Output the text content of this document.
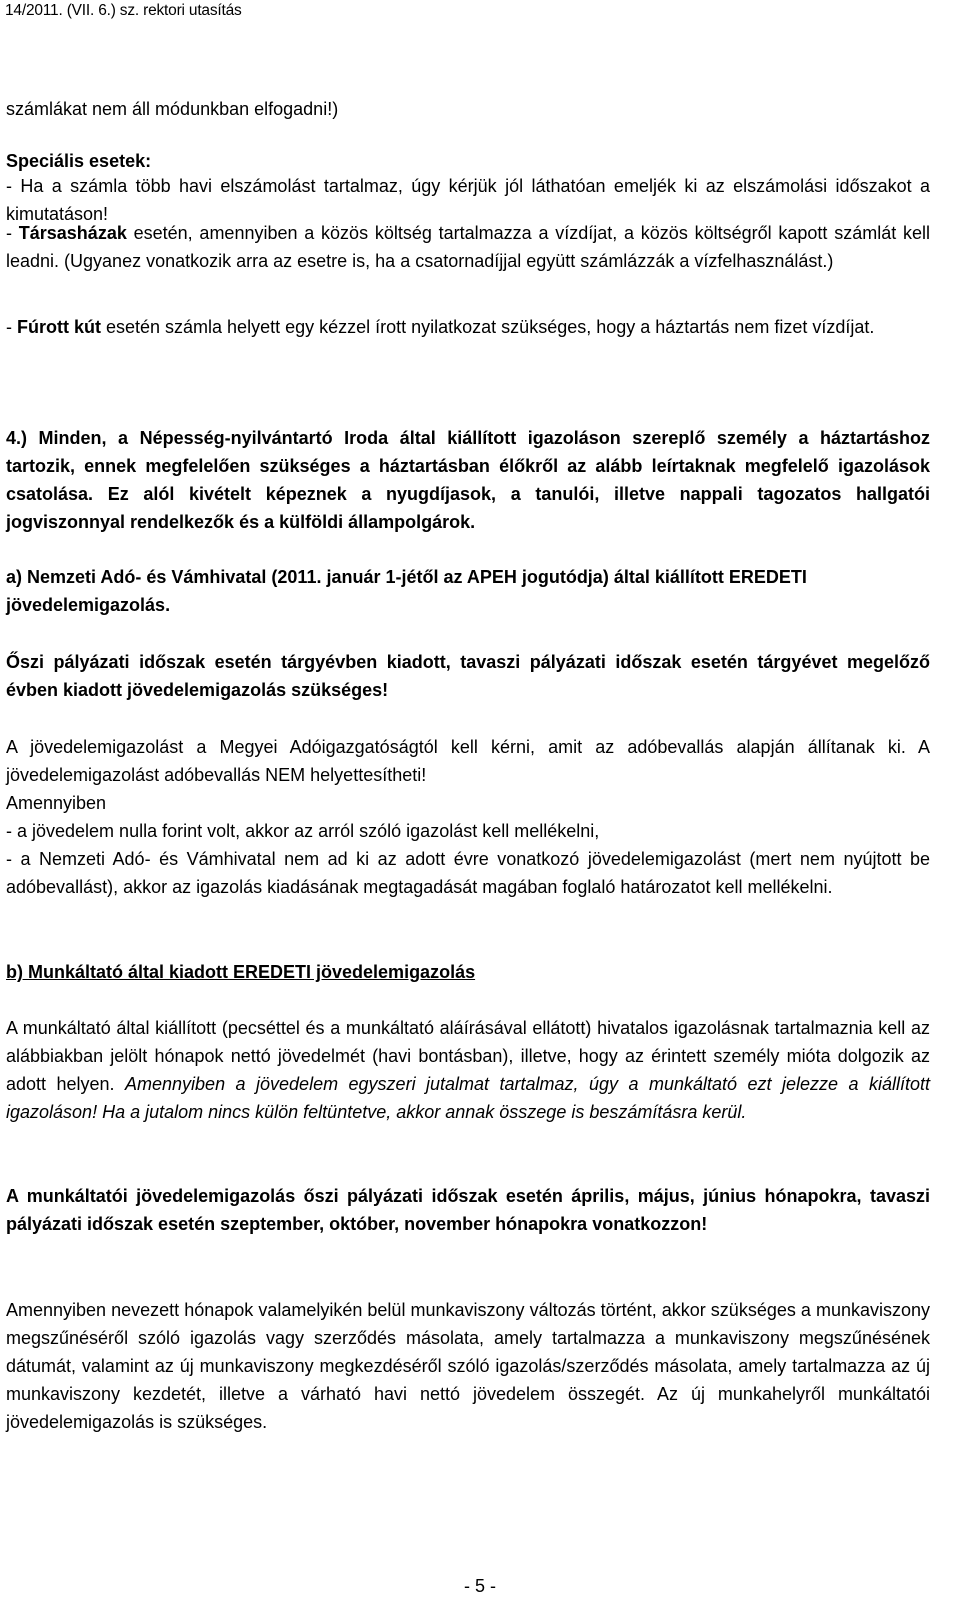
14/2011. (VII. 6.) sz. rektori utasítás
számlákat nem áll módunkban elfogadni!)
Speciális esetek:
- Ha a számla több havi elszámolást tartalmaz, úgy kérjük jól láthatóan emeljék ki az elszámolási időszakot a kimutatáson!
- Társasházak esetén, amennyiben a közös költség tartalmazza a vízdíjat, a közös költségről kapott számlát kell leadni. (Ugyanez vonatkozik arra az esetre is, ha a csatornadíjjal együtt számlázzák a vízfelhasználást.)
- Fúrott kút esetén számla helyett egy kézzel írott nyilatkozat szükséges, hogy a háztartás nem fizet vízdíjat.
4.) Minden, a Népesség-nyilvántartó Iroda által kiállított igazoláson szereplő személy a háztartáshoz tartozik, ennek megfelelően szükséges a háztartásban élőkről az alább leírtaknak megfelelő igazolások csatolása. Ez alól kivételt képeznek a nyugdíjasok, a tanulói, illetve nappali tagozatos hallgatói jogviszonnyal rendelkezők és a külföldi állampolgárok.
a) Nemzeti Adó- és Vámhivatal (2011. január 1-jétől az APEH jogutódja) által kiállított EREDETI jövedelemigazolás.
Őszi pályázati időszak esetén tárgyévben kiadott, tavaszi pályázati időszak esetén tárgyévet megelőző évben kiadott jövedelemigazolás szükséges!
A jövedelemigazolást a Megyei Adóigazgatóságtól kell kérni, amit az adóbevallás alapján állítanak ki. A jövedelemigazolást adóbevallás NEM helyettesítheti!
Amennyiben
- a jövedelem nulla forint volt, akkor az arról szóló igazolást kell mellékelni,
- a Nemzeti Adó- és Vámhivatal nem ad ki az adott évre vonatkozó jövedelemigazolást (mert nem nyújtott be adóbevallást), akkor az igazolás kiadásának megtagadását magában foglaló határozatot kell mellékelni.
b) Munkáltató által kiadott EREDETI jövedelemigazolás
A munkáltató által kiállított (pecséttel és a munkáltató aláírásával ellátott) hivatalos igazolásnak tartalmaznia kell az alábbiakban jelölt hónapok nettó jövedelmét (havi bontásban), illetve, hogy az érintett személy mióta dolgozik az adott helyen. Amennyiben a jövedelem egyszeri jutalmat tartalmaz, úgy a munkáltató ezt jelezze a kiállított igazoláson! Ha a jutalom nincs külön feltüntetve, akkor annak összege is beszámításra kerül.
A munkáltatói jövedelemigazolás őszi pályázati időszak esetén április, május, június hónapokra, tavaszi pályázati időszak esetén szeptember, október, november hónapokra vonatkozzon!
Amennyiben nevezett hónapok valamelyikén belül munkaviszony változás történt, akkor szükséges a munkaviszony megszűnéséről szóló igazolás vagy szerződés másolata, amely tartalmazza a munkaviszony megszűnésének dátumát, valamint az új munkaviszony megkezdéséről szóló igazolás/szerződés másolata, amely tartalmazza az új munkaviszony kezdetét, illetve a várható havi nettó jövedelem összegét. Az új munkahelyről munkáltatói jövedelemigazolás is szükséges.
- 5 -
